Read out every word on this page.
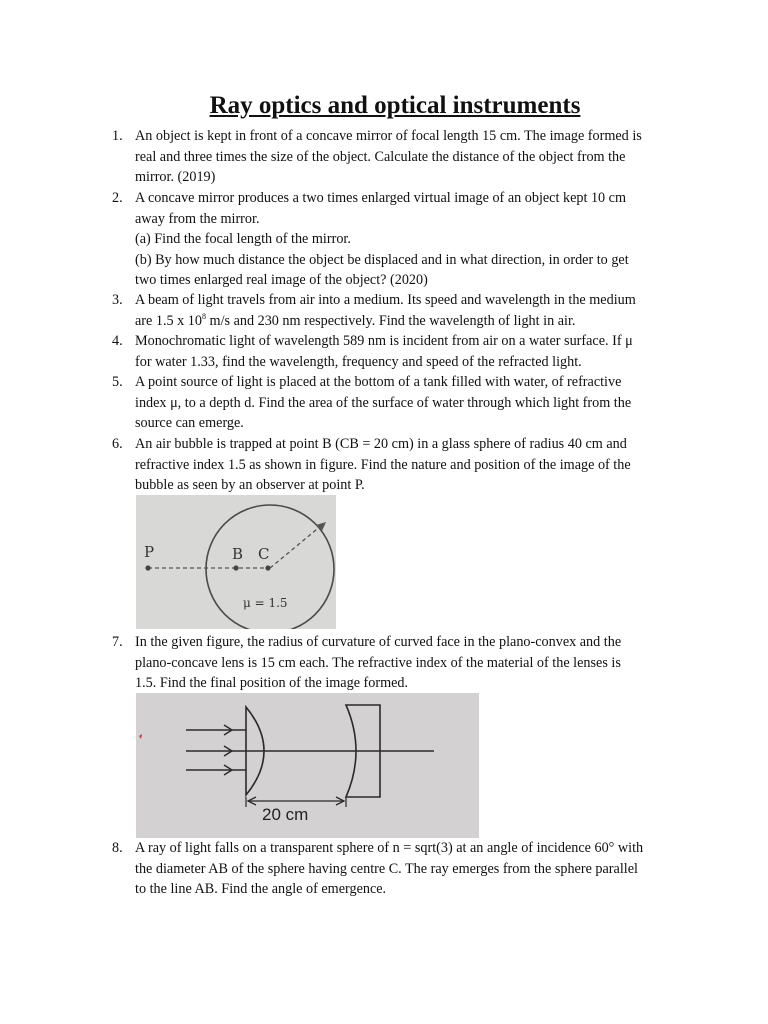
Ray optics and optical instruments
1. An object is kept in front of a concave mirror of focal length 15 cm. The image formed is
real and three times the size of the object. Calculate the distance of the object from the
mirror. (2019)
2. A concave mirror produces a two times enlarged virtual image of an object kept 10 cm
away from the mirror.
(a) Find the focal length of the mirror.
(b) By how much distance the object be displaced and in what direction, in order to get
two times enlarged real image of the object? (2020)
3. A beam of light travels from air into a medium. Its speed and wavelength in the medium
are 1.5 x $10^8$ m/s and 230 nm respectively. Find the wavelength of light in air.
4. Monochromatic light of wavelength 589 nm is incident from air on a water surface. If μ
for water 1.33, find the wavelength, frequency and speed of the refracted light.
5. A point source of light is placed at the bottom of a tank filled with water, of refractive
index μ, to a depth d. Find the area of the surface of water through which light from the
source can emerge.
6. An air bubble is trapped at point B (CB = 20 cm) in a glass sphere of radius 40 cm and
refractive index 1.5 as shown in figure. Find the nature and position of the image of the
bubble as seen by an observer at point P.
P	B C
μ = 1.5
7. In the given figure, the radius of curvature of curved face in the plano-convex and the
plano-concave lens is 15 cm each. The refractive index of the material of the lenses is
1.5. Find the final position of the image formed.
20 cm
8. A ray of light falls on a transparent sphere of n = sqrt(3) at an angle of incidence 60° with
the diameter AB of the sphere having centre C. The ray emerges from the sphere parallel
to the line AB. Find the angle of emergence.
